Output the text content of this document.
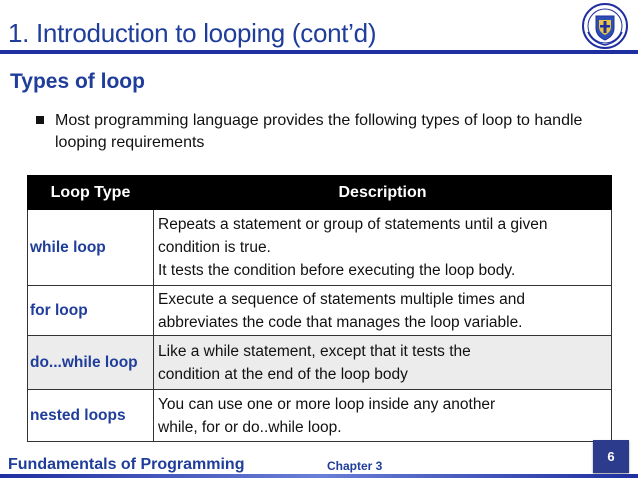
1. Introduction to looping (cont’d)
Types of loop
Most programming language provides the following types of loop to handle looping requirements
Loop Type	Description
while loop	Repeats a statement or group of statements until a given
condition is true.
It tests the condition before executing the loop body.

for loop	Execute a sequence of statements multiple times and
abbreviates the code that manages the loop variable.

do...while loop	Like a while statement, except that it tests the
condition at the end of the loop body

nested loops	You can use one or more loop inside any another
while, for or do..while loop.
Fundamentals of Programming	Chapter 3
6
